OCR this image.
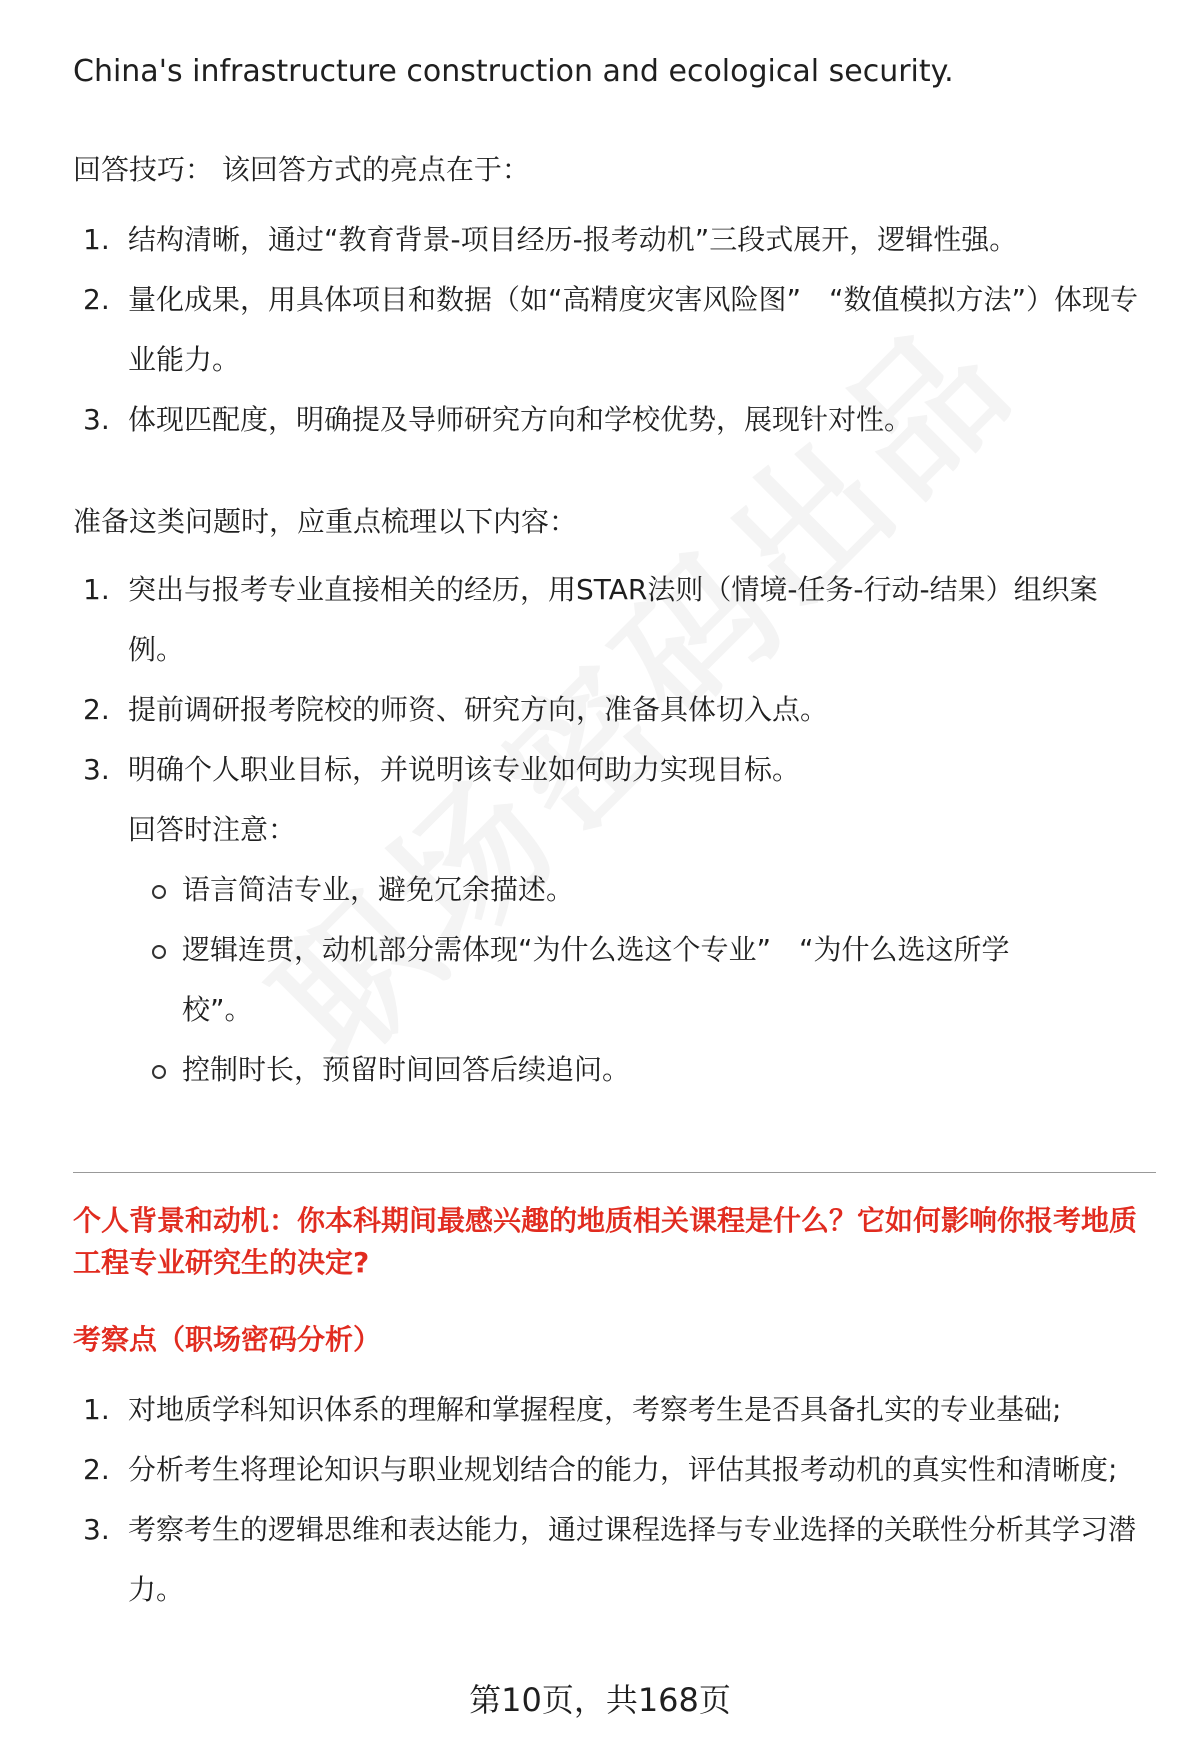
China's infrastructure construction and ecological security.
回答技巧： 该回答方式的亮点在于：
1. 结构清晰，通过“教育背景-项目经历-报考动机”三段式展开，逻辑性强。
2. 量化成果，用具体项目和数据（如“高精度灾害风险图”　“数值模拟方法”）体现专业能力。
3. 体现匹配度，明确提及导师研究方向和学校优势，展现针对性。
准备这类问题时，应重点梳理以下内容：
1. 突出与报考专业直接相关的经历，用STAR法则（情境-任务-行动-结果）组织案例。
2. 提前调研报考院校的师资、研究方向，准备具体切入点。
3. 明确个人职业目标，并说明该专业如何助力实现目标。
回答时注意：
语言简洁专业，避免冗余描述。
逻辑连贯，动机部分需体现“为什么选这个专业”　“为什么选这所学校”。
控制时长，预留时间回答后续追问。
个人背景和动机：你本科期间最感兴趣的地质相关课程是什么？它如何影响你报考地质工程专业研究生的决定?
考察点（职场密码分析）
1. 对地质学科知识体系的理解和掌握程度，考察考生是否具备扎实的专业基础;
2. 分析考生将理论知识与职业规划结合的能力，评估其报考动机的真实性和清晰度;
3. 考察考生的逻辑思维和表达能力，通过课程选择与专业选择的关联性分析其学习潜力。
第10页，共168页
